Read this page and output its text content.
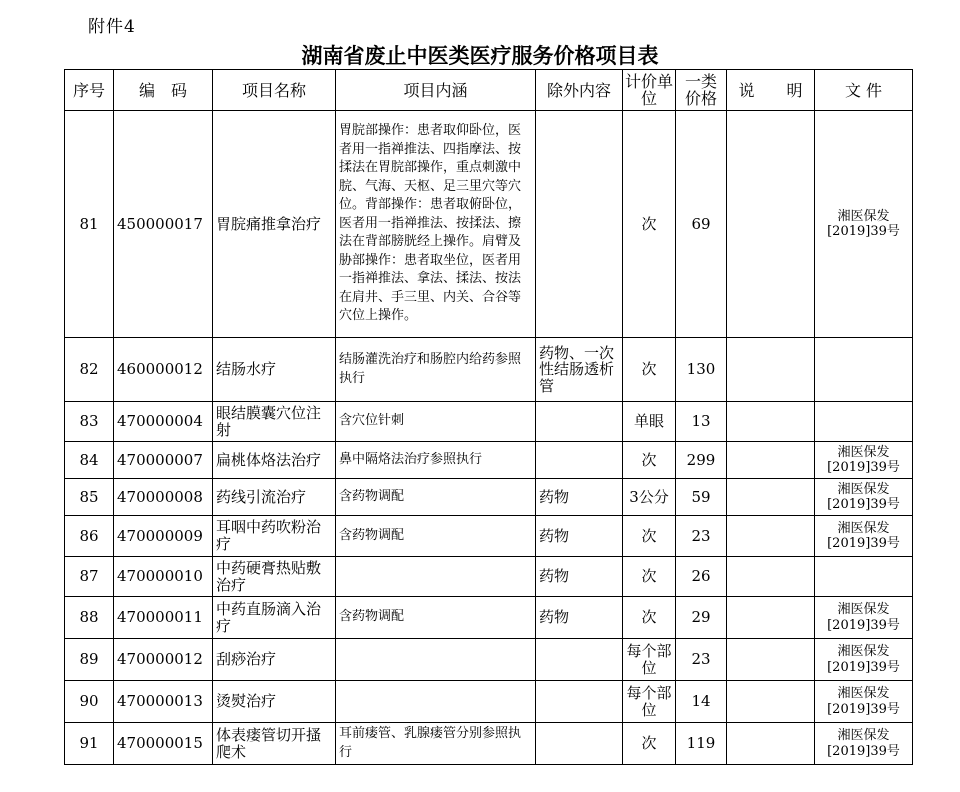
附件4
湖南省废止中医类医疗服务价格项目表
序号	编　码	项目名称	项目内涵	除外内容	计价单位	一类价格	说　　明	文 件
81	450000017	胃脘痛推拿治疗	胃脘部操作：患者取仰卧位，医者用一指禅推法、四指摩法、按揉法在胃脘部操作，重点刺激中脘、气海、天枢、足三里穴等穴位。背部操作：患者取俯卧位，医者用一指禅推法、按揉法、擦法在背部膀胱经上操作。肩臂及胁部操作：患者取坐位，医者用一指禅推法、拿法、揉法、按法在肩井、手三里、内关、合谷等穴位上操作。		次	69		湘医保发[2019]39号
82	460000012	结肠水疗	结肠灌洗治疗和肠腔内给药参照执行	药物、一次性结肠透析管	次	130		
83	470000004	眼结膜囊穴位注射	含穴位针刺		单眼	13		
84	470000007	扁桃体烙法治疗	鼻中隔烙法治疗参照执行		次	299		湘医保发[2019]39号
85	470000008	药线引流治疗	含药物调配	药物	3公分	59		湘医保发[2019]39号
86	470000009	耳咽中药吹粉治疗	含药物调配	药物	次	23		湘医保发[2019]39号
87	470000010	中药硬膏热贴敷治疗		药物	次	26		
88	470000011	中药直肠滴入治疗	含药物调配	药物	次	29		湘医保发[2019]39号
89	470000012	刮痧治疗			每个部位	23		湘医保发[2019]39号
90	470000013	烫熨治疗			每个部位	14		湘医保发[2019]39号
91	470000015	体表瘘管切开搔爬术	耳前瘘管、乳腺瘘管分别参照执行		次	119		湘医保发[2019]39号
